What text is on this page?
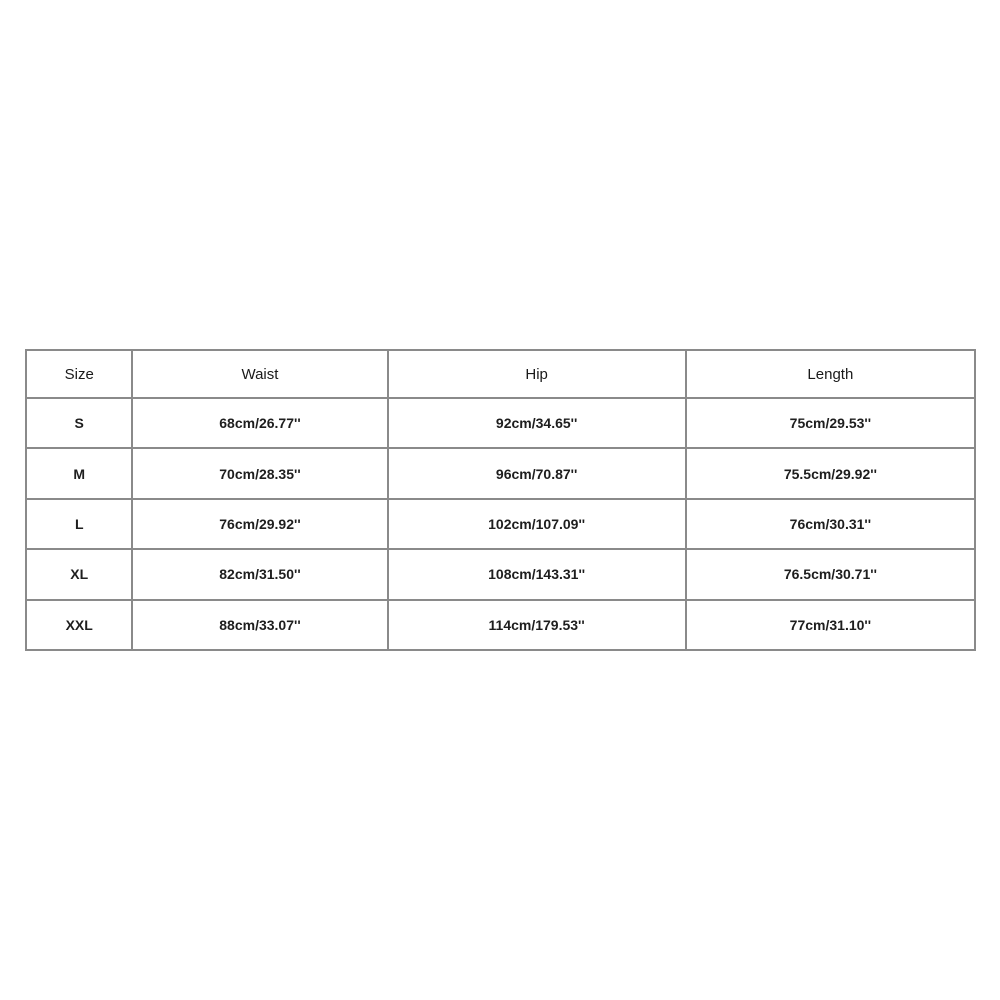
Size	Waist	Hip	Length
S	68cm/26.77''	92cm/34.65''	75cm/29.53''
M	70cm/28.35''	96cm/70.87''	75.5cm/29.92''
L	76cm/29.92''	102cm/107.09''	76cm/30.31''
XL	82cm/31.50''	108cm/143.31''	76.5cm/30.71''
XXL	88cm/33.07''	114cm/179.53''	77cm/31.10''
